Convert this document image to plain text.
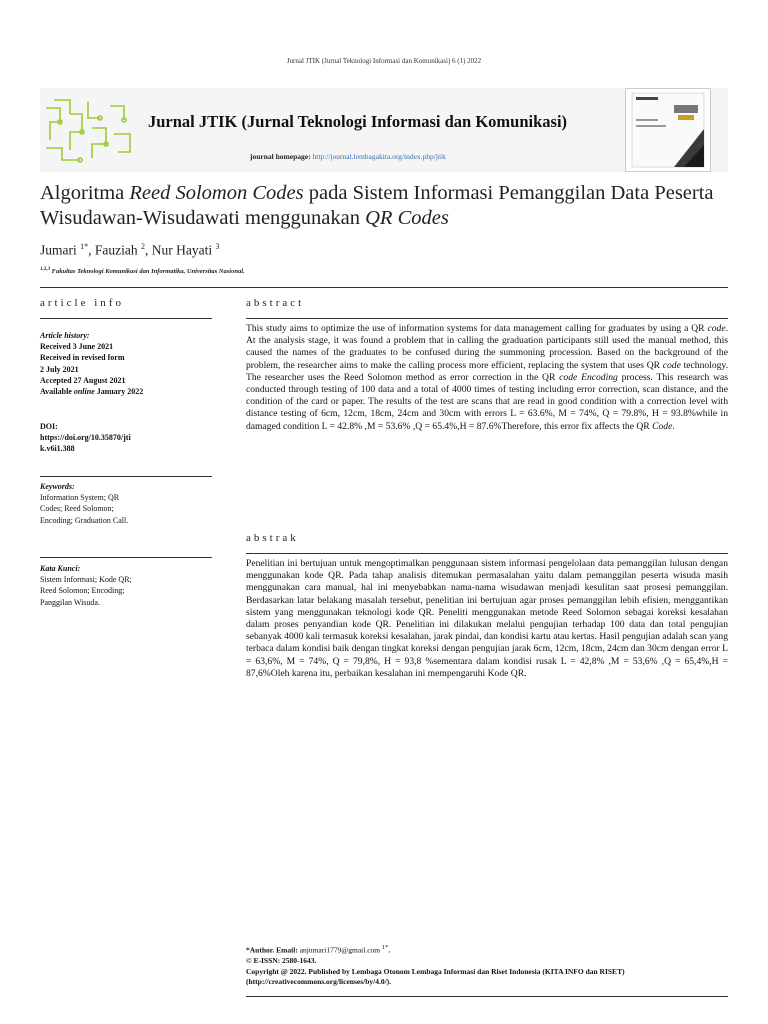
Jurnal JTIK (Jurnal Teknologi Informasi dan Komunikasi) 6 (1) 2022
Jurnal JTIK (Jurnal Teknologi Informasi dan Komunikasi)
journal homepage: http://journal.lembagakita.org/index.php/jtik
Algoritma Reed Solomon Codes pada Sistem Informasi Pemanggilan Data Peserta Wisudawan-Wisudawati menggunakan QR Codes
Jumari $^{1*}$, Fauziah $^2$, Nur Hayati $^3$
$^{1,2,3}$ Fakultas Teknologi Komunikasi dan Informatika, Universitas Nasional.
article info	abstract
Article history:
Received 3 June 2021
Received in revised form
2 July 2021
Accepted 27 August 2021
Available online January 2022
DOI:
https://doi.org/10.35870/jti
k.v6i1.388
Keywords:
Information System; QR
Codes; Reed Solomon;
Encoding; Graduation Call.
Kata Kunci:
Sistem Informasi; Kode QR;
Reed Solomon; Encoding;
Panggilan Wisuda.
This study aims to optimize the use of information systems for data management calling for graduates by using a QR code. At the analysis stage, it was found a problem that in calling the graduation participants still used the manual method, this caused the names of the graduates to be confused during the summoning procession. Based on the background of the problem, the researcher aims to make the calling process more efficient, replacing the system that uses QR code technology. The researcher uses the Reed Solomon method as error correction in the QR code Encoding process. This research was conducted through testing of 100 data and a total of 4000 times of testing including error correction, scan distance, and the condition of the card or paper. The results of the test are scans that are read in good condition with a correction level with distance testing of 6cm, 12cm, 18cm, 24cm and 30cm with errors L = 63.6%, M = 74%, Q = 79.8%, H = 93.8%while in damaged condition L = 42.8% ,M = 53.6% ,Q = 65.4%,H = 87.6%Therefore, this error fix affects the QR Code.
abstrak
Penelitian ini bertujuan untuk mengoptimalkan penggunaan sistem informasi pengelolaan data pemanggilan lulusan dengan menggunakan kode QR. Pada tahap analisis ditemukan permasalahan yaitu dalam pemanggilan peserta wisuda masih menggunakan cara manual, hal ini menyebabkan nama-nama wisudawan menjadi kesulitan saat prosesi pemanggilan. Berdasarkan latar belakang masalah tersebut, penelitian ini bertujuan agar proses pemanggilan lebih efisien, menggantikan sistem yang menggunakan teknologi kode QR. Peneliti menggunakan metode Reed Solomon sebagai koreksi kesalahan dalam proses penyandian kode QR. Penelitian ini dilakukan melalui pengujian terhadap 100 data dan total pengujian sebanyak 4000 kali termasuk koreksi kesalahan, jarak pindai, dan kondisi kartu atau kertas. Hasil pengujian adalah scan yang terbaca dalam kondisi baik dengan tingkat koreksi dengan pengujian jarak 6cm, 12cm, 18cm, 24cm dan 30cm dengan error L = 63,6%, M = 74%, Q = 79,8%, H = 93,8 %sementara dalam kondisi rusak L = 42,8% ,M = 53,6% ,Q = 65,4%,H = 87,6%Oleh karena itu, perbaikan kesalahan ini mempengaruhi Kode QR.
*Author. Email: anjumari1779@gmail.com $^{1*}$.
© E-ISSN: 2580-1643.
Copyright @ 2022. Published by Lembaga Otonom Lembaga Informasi dan Riset Indonesia (KITA INFO dan RISET)
(http://creativecommons.org/licenses/by/4.0/).
